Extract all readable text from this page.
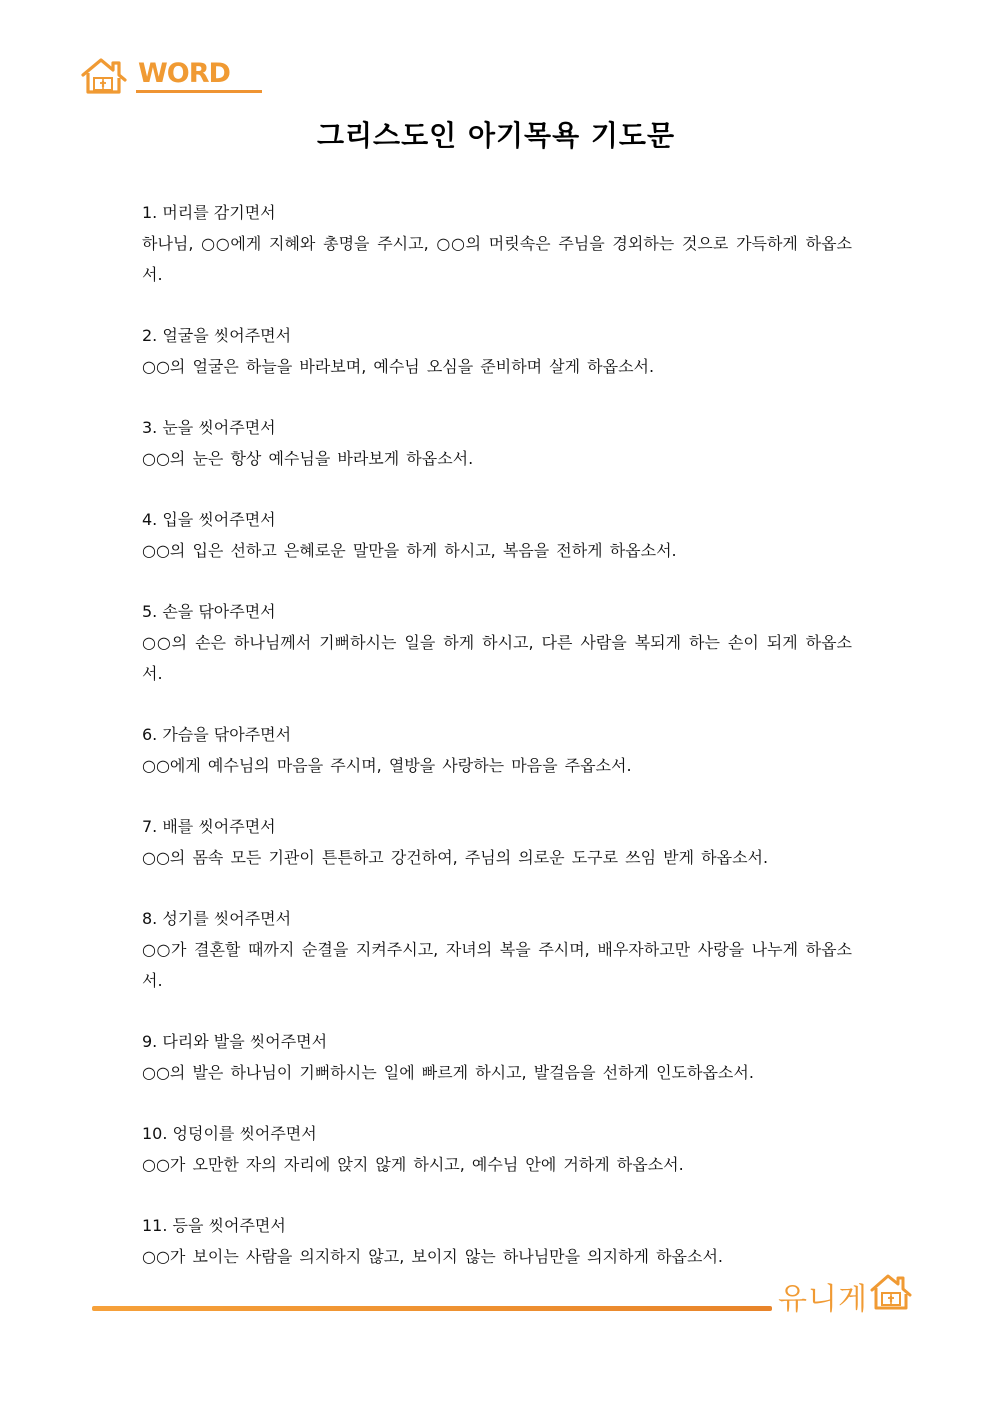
WORD
그리스도인 아기목욕 기도문
1. 머리를 감기면서
하나님, ○○에게 지혜와 총명을 주시고, ○○의 머릿속은 주님을 경외하는 것으로 가득하게 하옵소서.
2. 얼굴을 씻어주면서
○○의 얼굴은 하늘을 바라보며, 예수님 오심을 준비하며 살게 하옵소서.
3. 눈을 씻어주면서
○○의 눈은 항상 예수님을 바라보게 하옵소서.
4. 입을 씻어주면서
○○의 입은 선하고 은혜로운 말만을 하게 하시고, 복음을 전하게 하옵소서.
5. 손을 닦아주면서
○○의 손은 하나님께서 기뻐하시는 일을 하게 하시고, 다른 사람을 복되게 하는 손이 되게 하옵소서.
6. 가슴을 닦아주면서
○○에게 예수님의 마음을 주시며, 열방을 사랑하는 마음을 주옵소서.
7. 배를 씻어주면서
○○의 몸속 모든 기관이 튼튼하고 강건하여, 주님의 의로운 도구로 쓰임 받게 하옵소서.
8. 성기를 씻어주면서
○○가 결혼할 때까지 순결을 지켜주시고, 자녀의 복을 주시며, 배우자하고만 사랑을 나누게 하옵소서.
9. 다리와 발을 씻어주면서
○○의 발은 하나님이 기뻐하시는 일에 빠르게 하시고, 발걸음을 선하게 인도하옵소서.
10. 엉덩이를 씻어주면서
○○가 오만한 자의 자리에 앉지 않게 하시고, 예수님 안에 거하게 하옵소서.
11. 등을 씻어주면서
○○가 보이는 사람을 의지하지 않고, 보이지 않는 하나님만을 의지하게 하옵소서.
유니게
